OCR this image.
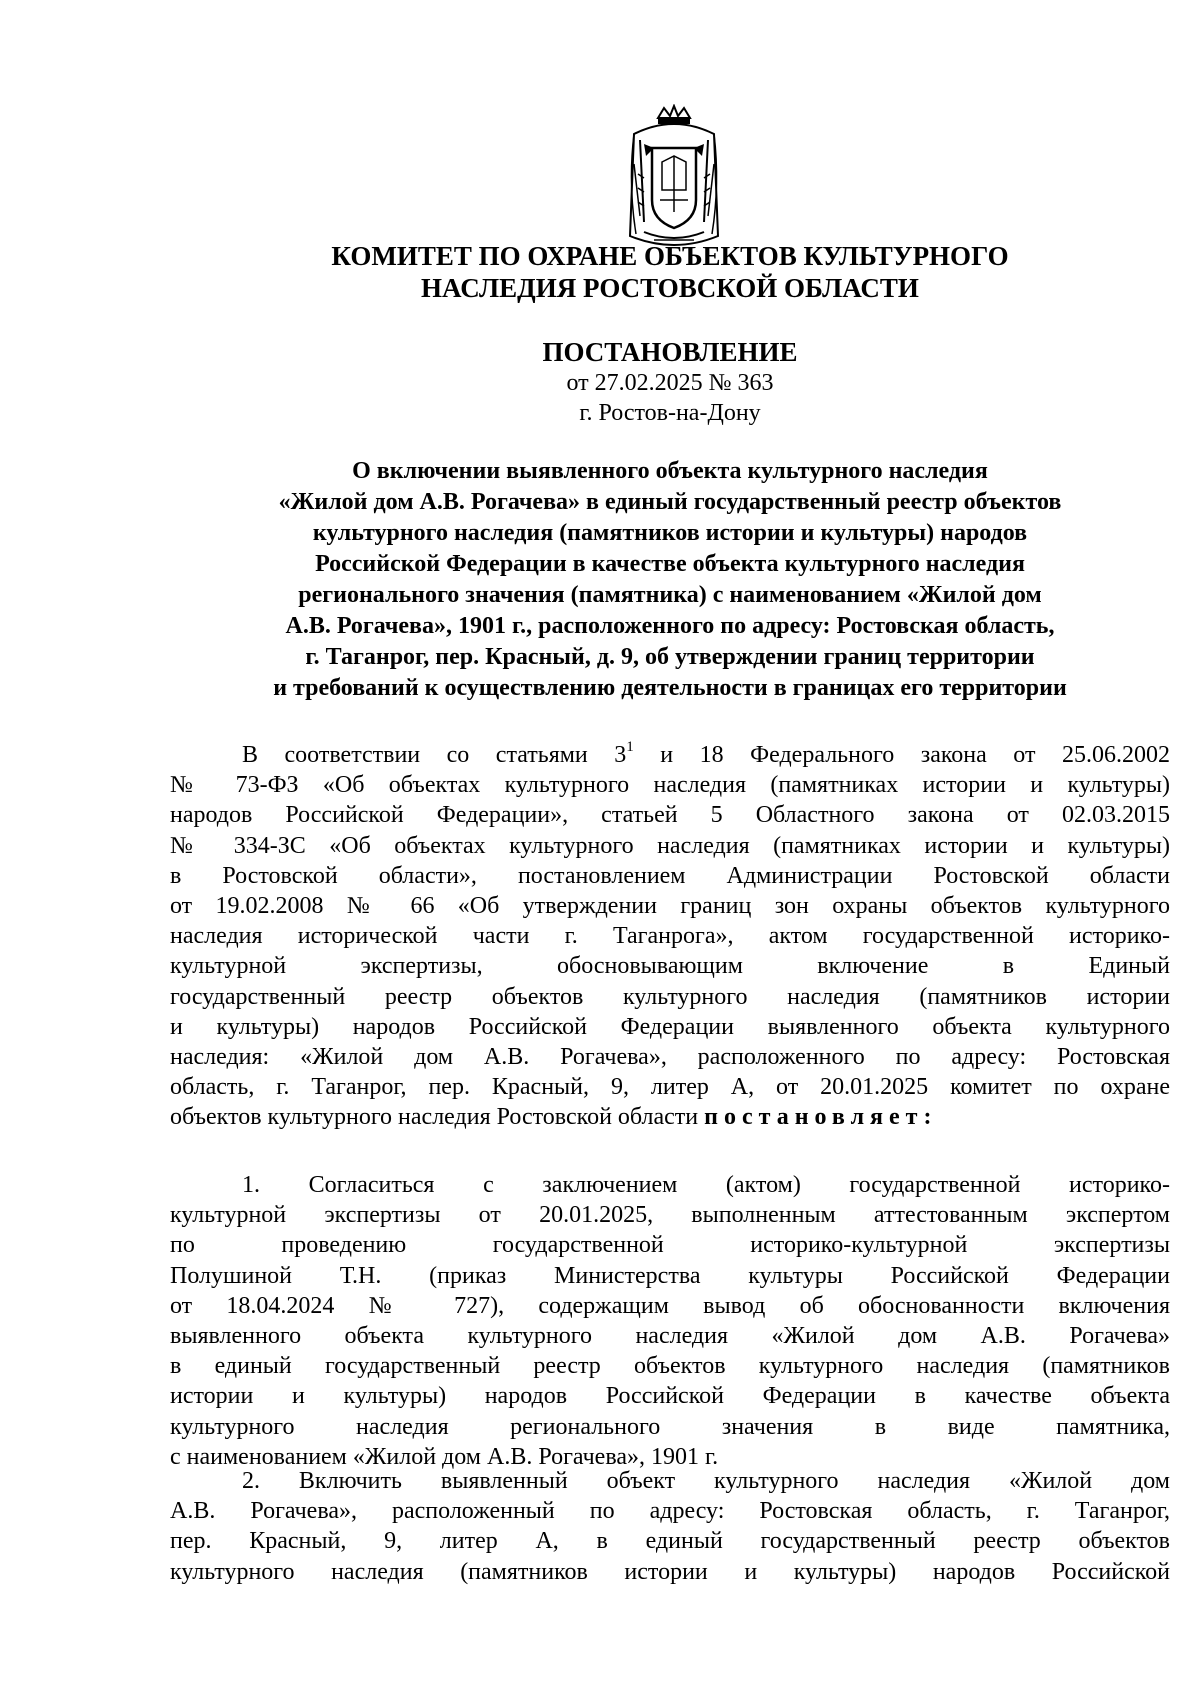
КОМИТЕТ ПО ОХРАНЕ ОБЪЕКТОВ КУЛЬТУРНОГО
НАСЛЕДИЯ РОСТОВСКОЙ ОБЛАСТИ
ПОСТАНОВЛЕНИЕ
от 27.02.2025 № 363
г. Ростов-на-Дону
О включении выявленного объекта культурного наследия
«Жилой дом А.В. Рогачева» в единый государственный реестр объектов
культурного наследия (памятников истории и культуры) народов
Российской Федерации в качестве объекта культурного наследия
регионального значения (памятника) с наименованием «Жилой дом
А.В. Рогачева», 1901 г., расположенного по адресу: Ростовская область,
г. Таганрог, пер. Красный, д. 9, об утверждении границ территории
и требований к осуществлению деятельности в границах его территории
В соответствии со статьями $3^1$ и 18 Федерального закона от 25.06.2002
№ 73-ФЗ «Об объектах культурного наследия (памятниках истории и культуры)
народов Российской Федерации», статьей 5 Областного закона от 02.03.2015
№ 334-ЗС «Об объектах культурного наследия (памятниках истории и культуры)
в Ростовской области», постановлением Администрации Ростовской области
от 19.02.2008 № 66 «Об утверждении границ зон охраны объектов культурного
наследия исторической части г. Таганрога», актом государственной историко-
культурной экспертизы, обосновывающим включение в Единый
государственный реестр объектов культурного наследия (памятников истории
и культуры) народов Российской Федерации выявленного объекта культурного
наследия: «Жилой дом А.В. Рогачева», расположенного по адресу: Ростовская
область, г. Таганрог, пер. Красный, 9, литер А, от 20.01.2025 комитет по охране
объектов культурного наследия Ростовской области постановляет:
1. Согласиться с заключением (актом) государственной историко-
культурной экспертизы от 20.01.2025, выполненным аттестованным экспертом
по проведению государственной историко-культурной экспертизы
Полушиной Т.Н. (приказ Министерства культуры Российской Федерации
от 18.04.2024 № 727), содержащим вывод об обоснованности включения
выявленного объекта культурного наследия «Жилой дом А.В. Рогачева»
в единый государственный реестр объектов культурного наследия (памятников
истории и культуры) народов Российской Федерации в качестве объекта
культурного наследия регионального значения в виде памятника,
с наименованием «Жилой дом А.В. Рогачева», 1901 г.
2. Включить выявленный объект культурного наследия «Жилой дом
А.В. Рогачева», расположенный по адресу: Ростовская область, г. Таганрог,
пер. Красный, 9, литер А, в единый государственный реестр объектов
культурного наследия (памятников истории и культуры) народов Российской
